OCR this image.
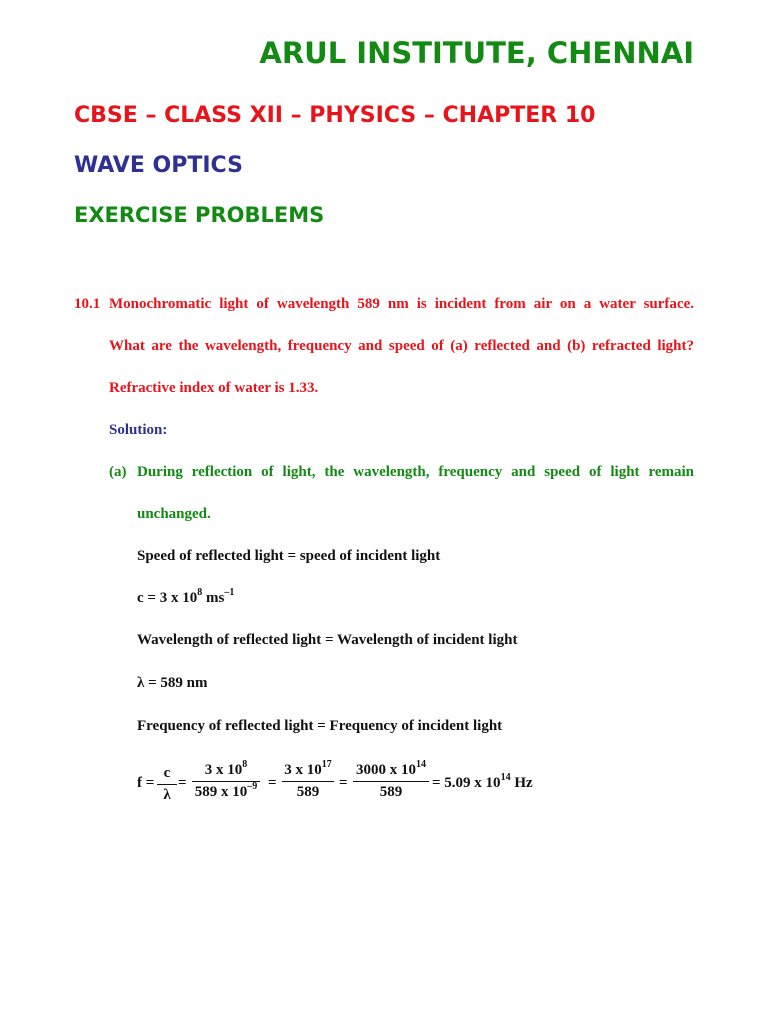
ARUL INSTITUTE, CHENNAI
CBSE – CLASS XII – PHYSICS – CHAPTER 10
WAVE OPTICS
EXERCISE PROBLEMS
10.1 Monochromatic light of wavelength 589 nm is incident from air on a water surface.
What are the wavelength, frequency and speed of (a) reflected and (b) refracted light?
Refractive index of water is 1.33.
Solution:
(a) During reflection of light, the wavelength, frequency and speed of light remain
unchanged.
Speed of reflected light = speed of incident light
c = 3 x $10^8$ $ms^{-1}$
Wavelength of reflected light = Wavelength of incident light
λ = 589 nm
Frequency of reflected light = Frequency of incident light
f =
c
λ
=
3 x $10^8$
589 x $10^{-9}$ =
3 x $10^{17}$
589
=
3000 x $10^{14}$
589
= 5.09 x $10^{14}$ Hz
